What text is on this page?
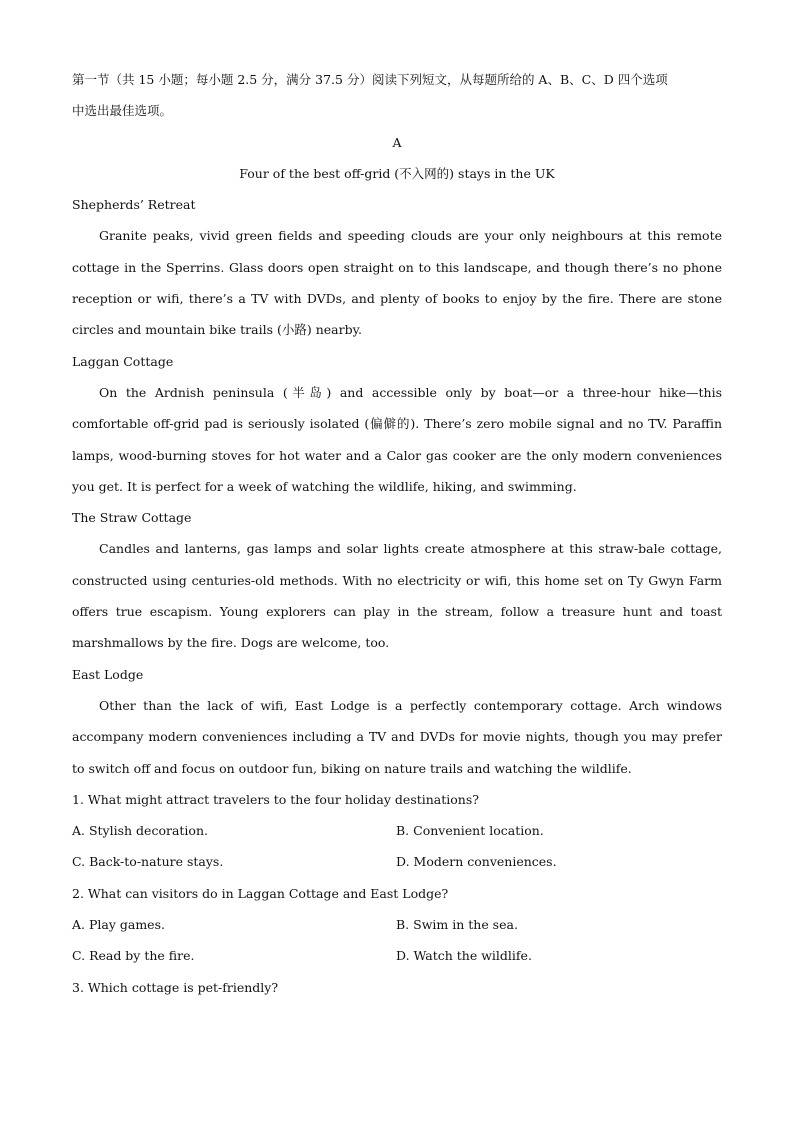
第一节（共 15 小题；每小题 2.5 分，满分 37.5 分）阅读下列短文，从每题所给的 A、B、C、D 四个选项

中选出最佳选项。

A

Four of the best off-grid (不入网的) stays in the UK

Shepherds’ Retreat

Granite peaks, vivid green fields and speeding clouds are your only neighbours at this remote cottage in the Sperrins. Glass doors open straight on to this landscape, and though there’s no phone reception or wifi, there’s a TV with DVDs, and plenty of books to enjoy by the fire. There are stone circles and mountain bike trails (小路) nearby.

Laggan Cottage

On the Ardnish peninsula (半岛) and accessible only by boat—or a three-hour hike—this comfortable off-grid pad is seriously isolated (偏僻的). There’s zero mobile signal and no TV. Paraffin lamps, wood-burning stoves for hot water and a Calor gas cooker are the only modern conveniences you get. It is perfect for a week of watching the wildlife, hiking, and swimming.

The Straw Cottage

Candles and lanterns, gas lamps and solar lights create atmosphere at this straw-bale cottage, constructed using centuries-old methods. With no electricity or wifi, this home set on Ty Gwyn Farm offers true escapism. Young explorers can play in the stream, follow a treasure hunt and toast marshmallows by the fire. Dogs are welcome, too.

East Lodge

Other than the lack of wifi, East Lodge is a perfectly contemporary cottage. Arch windows accompany modern conveniences including a TV and DVDs for movie nights, though you may prefer to switch off and focus on outdoor fun, biking on nature trails and watching the wildlife.

1. What might attract travelers to the four holiday destinations?

A. Stylish decoration.	B. Convenient location.
C. Back-to-nature stays.	D. Modern conveniences.

2. What can visitors do in Laggan Cottage and East Lodge?

A. Play games.	B. Swim in the sea.
C. Read by the fire.	D. Watch the wildlife.

3. Which cottage is pet-friendly?
